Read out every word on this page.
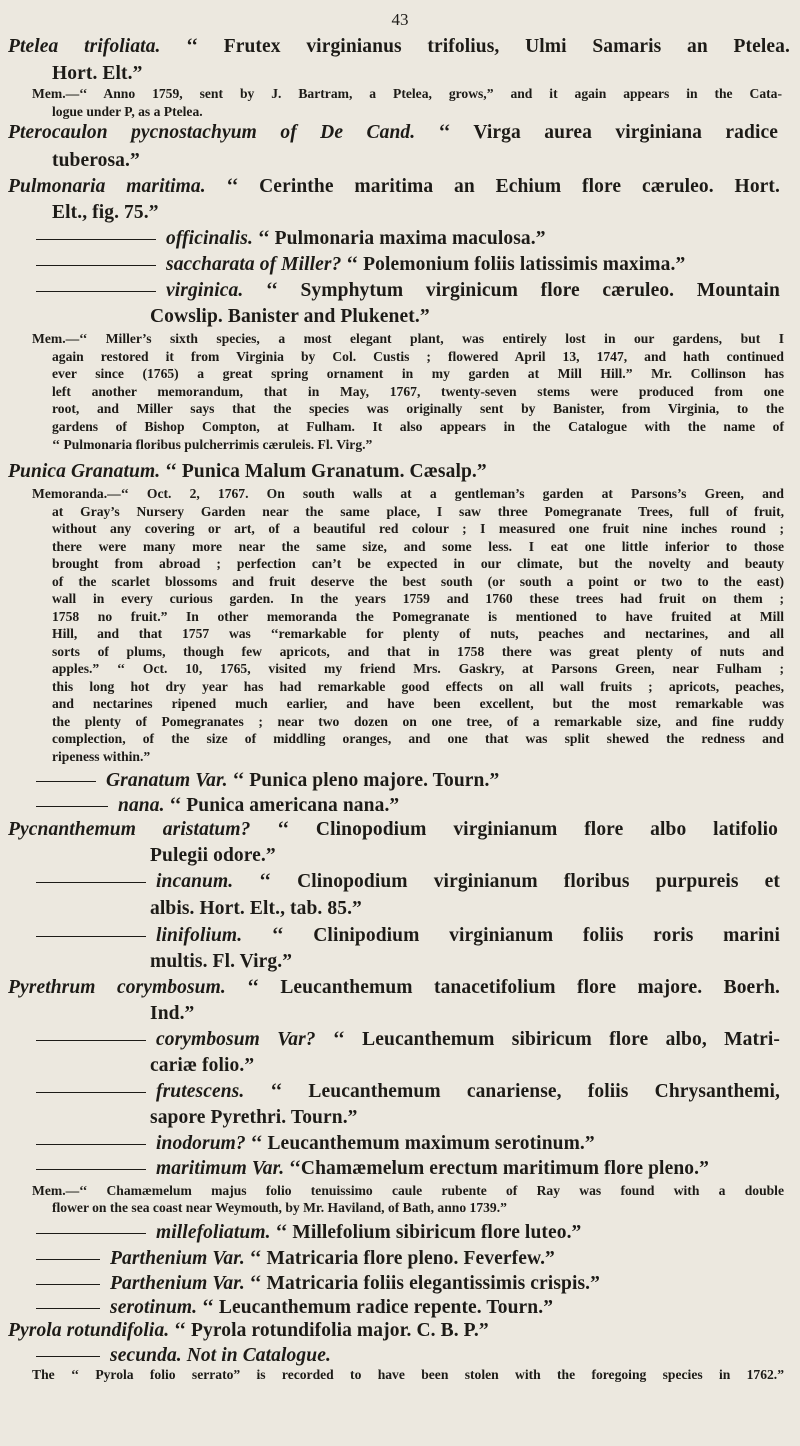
43
Ptelea trifoliata. ‘‘ Frutex virginianus trifolius, Ulmi Samaris an Ptelea.
Hort. Elt.”
Mem.—‘‘ Anno 1759, sent by J. Bartram, a Ptelea, grows,” and it again appears in the Cata-
logue under P, as a Ptelea.
Pterocaulon pycnostachyum of De Cand. ‘‘ Virga aurea virginiana radice
tuberosa.”
Pulmonaria maritima. ‘‘ Cerinthe maritima an Echium flore cæruleo. Hort.
Elt., fig. 75.”
officinalis. ‘‘ Pulmonaria maxima maculosa.”
saccharata of Miller? ‘‘ Polemonium foliis latissimis maxima.”
virginica. ‘‘ Symphytum virginicum flore cæruleo. Mountain
Cowslip. Banister and Plukenet.”
Mem.—‘‘ Miller’s sixth species, a most elegant plant, was entirely lost in our gardens, but I
again restored it from Virginia by Col. Custis ; flowered April 13, 1747, and hath continued
ever since (1765) a great spring ornament in my garden at Mill Hill.” Mr. Collinson has
left another memorandum, that in May, 1767, twenty-seven stems were produced from one
root, and Miller says that the species was originally sent by Banister, from Virginia, to the
gardens of Bishop Compton, at Fulham. It also appears in the Catalogue with the name of
‘‘ Pulmonaria floribus pulcherrimis cæruleis. Fl. Virg.”
Punica Granatum. ‘‘ Punica Malum Granatum. Cæsalp.”
Memoranda.—‘‘ Oct. 2, 1767. On south walls at a gentleman’s garden at Parsons’s Green, and
at Gray’s Nursery Garden near the same place, I saw three Pomegranate Trees, full of fruit,
without any covering or art, of a beautiful red colour ; I measured one fruit nine inches round ;
there were many more near the same size, and some less. I eat one little inferior to those
brought from abroad ; perfection can’t be expected in our climate, but the novelty and beauty
of the scarlet blossoms and fruit deserve the best south (or south a point or two to the east)
wall in every curious garden. In the years 1759 and 1760 these trees had fruit on them ;
1758 no fruit.” In other memoranda the Pomegranate is mentioned to have fruited at Mill
Hill, and that 1757 was ‘‘remarkable for plenty of nuts, peaches and nectarines, and all
sorts of plums, though few apricots, and that in 1758 there was great plenty of nuts and
apples.” ‘‘ Oct. 10, 1765, visited my friend Mrs. Gaskry, at Parsons Green, near Fulham ;
this long hot dry year has had remarkable good effects on all wall fruits ; apricots, peaches,
and nectarines ripened much earlier, and have been excellent, but the most remarkable was
the plenty of Pomegranates ; near two dozen on one tree, of a remarkable size, and fine ruddy
complection, of the size of middling oranges, and one that was split shewed the redness and
ripeness within.”
Granatum Var. ‘‘ Punica pleno majore. Tourn.”
nana. ‘‘ Punica americana nana.”
Pycnanthemum aristatum? ‘‘ Clinopodium virginianum flore albo latifolio
Pulegii odore.”
incanum. ‘‘ Clinopodium virginianum floribus purpureis et
albis. Hort. Elt., tab. 85.”
linifolium. ‘‘ Clinipodium virginianum foliis roris marini
multis. Fl. Virg.”
Pyrethrum corymbosum. ‘‘ Leucanthemum tanacetifolium flore majore. Boerh.
Ind.”
corymbosum Var? ‘‘ Leucanthemum sibiricum flore albo, Matri-
cariæ folio.”
frutescens. ‘‘ Leucanthemum canariense, foliis Chrysanthemi,
sapore Pyrethri. Tourn.”
inodorum? ‘‘ Leucanthemum maximum serotinum.”
maritimum Var. ‘‘Chamæmelum erectum maritimum flore pleno.”
Mem.—‘‘ Chamæmelum majus folio tenuissimo caule rubente of Ray was found with a double
flower on the sea coast near Weymouth, by Mr. Haviland, of Bath, anno 1739.”
millefoliatum. ‘‘ Millefolium sibiricum flore luteo.”
Parthenium Var. ‘‘ Matricaria flore pleno. Feverfew.”
Parthenium Var. ‘‘ Matricaria foliis elegantissimis crispis.”
serotinum. ‘‘ Leucanthemum radice repente. Tourn.”
Pyrola rotundifolia. ‘‘ Pyrola rotundifolia major. C. B. P.”
secunda. Not in Catalogue.
The ‘‘ Pyrola folio serrato” is recorded to have been stolen with the foregoing species in 1762.”
